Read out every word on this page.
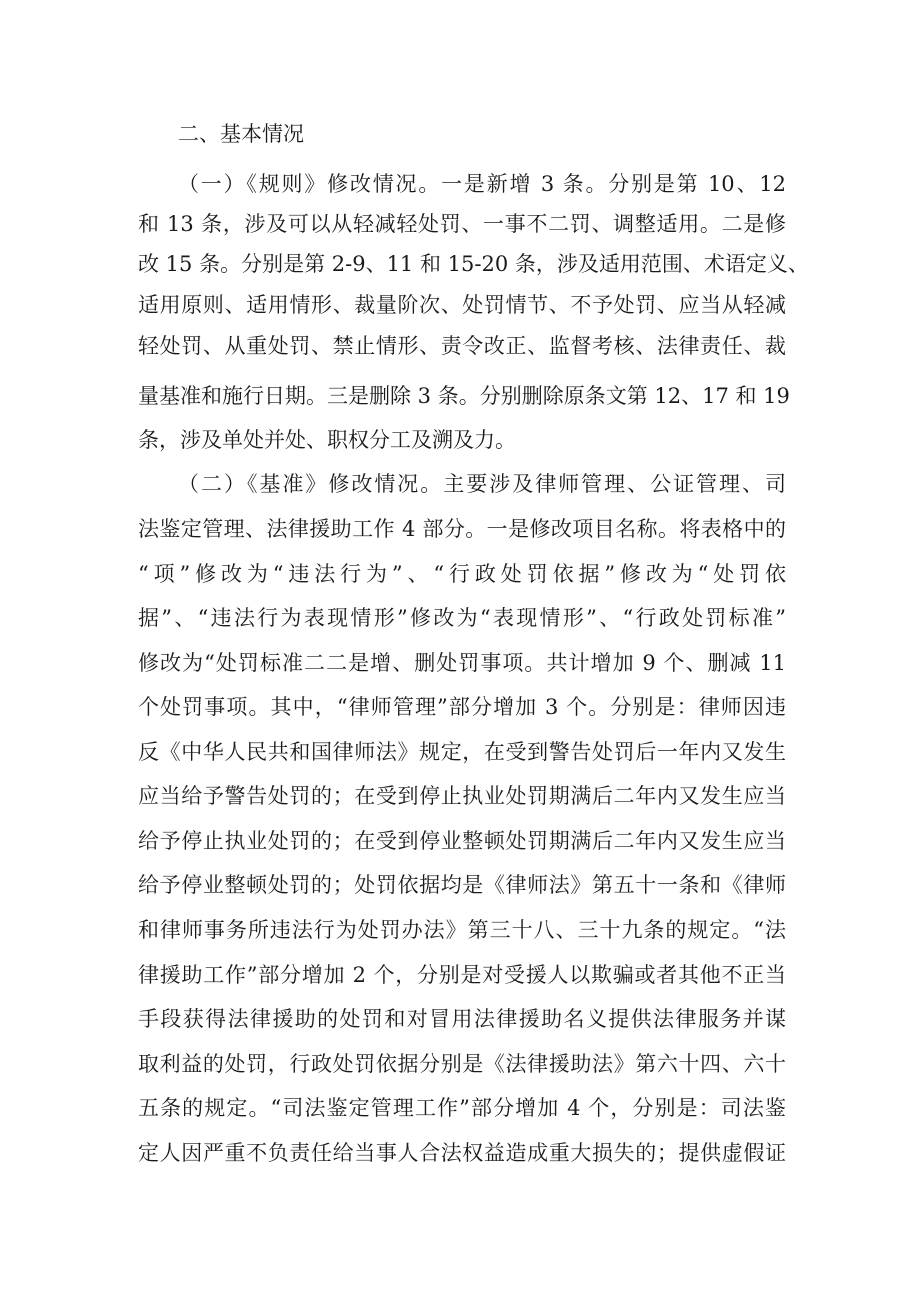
二、基本情况
（一）《规则》修改情况。一是新增 3 条。分别是第 10、12
和 13 条，涉及可以从轻减轻处罚、一事不二罚、调整适用。二是修
改 15 条。分别是第 2-9、11 和 15-20 条，涉及适用范围、术语定义、
适用原则、适用情形、裁量阶次、处罚情节、不予处罚、应当从轻减
轻处罚、从重处罚、禁止情形、责令改正、监督考核、法律责任、裁
量基准和施行日期。三是删除 3 条。分别删除原条文第 12、17 和 19
条，涉及单处并处、职权分工及溯及力。
（二）《基准》修改情况。主要涉及律师管理、公证管理、司
法鉴定管理、法律援助工作 4 部分。一是修改项目名称。将表格中的
“项”修改为“违法行为”、“行政处罚依据”修改为“处罚依
据”、“违法行为表现情形”修改为“表现情形”、“行政处罚标准”
修改为“处罚标准二二是增、删处罚事项。共计增加 9 个、删减 11
个处罚事项。其中，“律师管理”部分增加 3 个。分别是：律师因违
反《中华人民共和国律师法》规定，在受到警告处罚后一年内又发生
应当给予警告处罚的；在受到停止执业处罚期满后二年内又发生应当
给予停止执业处罚的；在受到停业整顿处罚期满后二年内又发生应当
给予停业整顿处罚的；处罚依据均是《律师法》第五十一条和《律师
和律师事务所违法行为处罚办法》第三十八、三十九条的规定。“法
律援助工作”部分增加 2 个，分别是对受援人以欺骗或者其他不正当
手段获得法律援助的处罚和对冒用法律援助名义提供法律服务并谋
取利益的处罚，行政处罚依据分别是《法律援助法》第六十四、六十
五条的规定。“司法鉴定管理工作”部分增加 4 个，分别是：司法鉴
定人因严重不负责任给当事人合法权益造成重大损失的；提供虚假证
